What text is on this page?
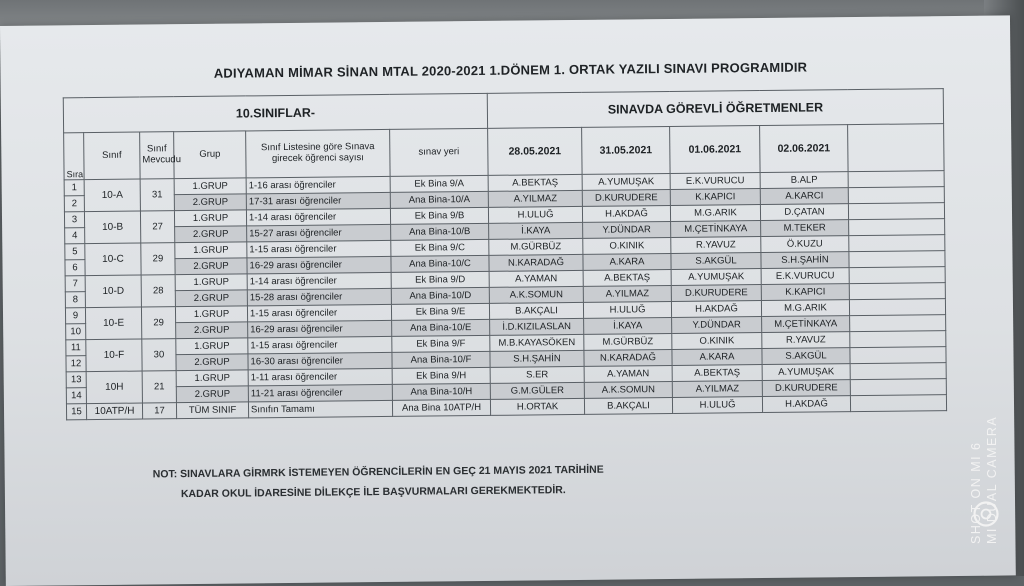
ADIYAMAN MİMAR SİNAN MTAL 2020-2021 1.DÖNEM 1. ORTAK YAZILI SINAVI PROGRAMIDIR
10.SINIFLAR-						SINAVDA GÖREVLİ ÖĞRETMENLER				
Sıra	Sınıf	Sınıf Mevcudu	Grup	Sınıf Listesine göre Sınava girecek öğrenci sayısı	sınav yeri	28.05.2021	31.05.2021	01.06.2021	02.06.2021	
1	10-A	31	1.GRUP	1-16 arası öğrenciler	Ek Bina 9/A	A.BEKTAŞ	A.YUMUŞAK	E.K.VURUCU	B.ALP	
2			2.GRUP	17-31 arası öğrenciler	Ana Bina-10/A	A.YILMAZ	D.KURUDERE	K.KAPICI	A.KARCI	
3	10-B	27	1.GRUP	1-14 arası öğrenciler	Ek Bina 9/B	H.ULUĞ	H.AKDAĞ	M.G.ARIK	D.ÇATAN	
4			2.GRUP	15-27 arası öğrenciler	Ana Bina-10/B	İ.KAYA	Y.DÜNDAR	M.ÇETİNKAYA	M.TEKER	
5	10-C	29	1.GRUP	1-15 arası öğrenciler	Ek Bina 9/C	M.GÜRBÜZ	O.KINIK	R.YAVUZ	Ö.KUZU	
6			2.GRUP	16-29 arası öğrenciler	Ana Bina-10/C	N.KARADAĞ	A.KARA	S.AKGÜL	S.H.ŞAHİN	
7	10-D	28	1.GRUP	1-14 arası öğrenciler	Ek Bina 9/D	A.YAMAN	A.BEKTAŞ	A.YUMUŞAK	E.K.VURUCU	
8			2.GRUP	15-28 arası öğrenciler	Ana Bina-10/D	A.K.SOMUN	A.YILMAZ	D.KURUDERE	K.KAPICI	
9	10-E	29	1.GRUP	1-15 arası öğrenciler	Ek Bina 9/E	B.AKÇALI	H.ULUĞ	H.AKDAĞ	M.G.ARIK	
10			2.GRUP	16-29 arası öğrenciler	Ana Bina-10/E	İ.D.KIZILASLAN	İ.KAYA	Y.DÜNDAR	M.ÇETİNKAYA	
11	10-F	30	1.GRUP	1-15 arası öğrenciler	Ek Bina 9/F	M.B.KAYASÖKEN	M.GÜRBÜZ	O.KINIK	R.YAVUZ	
12			2.GRUP	16-30 arası öğrenciler	Ana Bina-10/F	S.H.ŞAHİN	N.KARADAĞ	A.KARA	S.AKGÜL	
13	10H	21	1.GRUP	1-11 arası öğrenciler	Ek Bina 9/H	S.ER	A.YAMAN	A.BEKTAŞ	A.YUMUŞAK	
14			2.GRUP	11-21 arası öğrenciler	Ana Bina-10/H	G.M.GÜLER	A.K.SOMUN	A.YILMAZ	D.KURUDERE	
15	10ATP/H	17	TÜM SINIF	Sınıfın Tamamı	Ana Bina 10ATP/H	H.ORTAK	B.AKÇALI	H.ULUĞ	H.AKDAĞ	
NOT: SINAVLARA GİRMRK İSTEMEYEN ÖĞRENCİLERİN EN GEÇ 21 MAYIS 2021 TARİHİNE
KADAR OKUL İDARESİNE DİLEKÇE İLE BAŞVURMALARI GEREKMEKTEDİR.	SHOT ON MI 6 MI DUAL CAMERA
